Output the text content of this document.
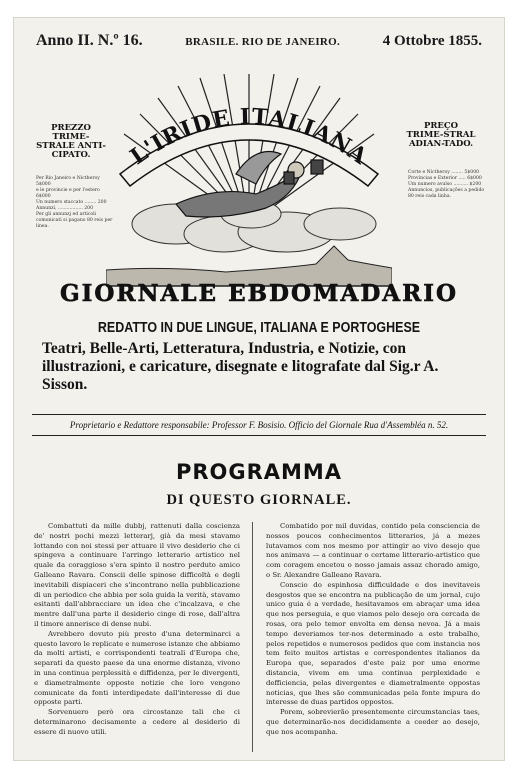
Anno II. N.º 16.	BRASILE. RIO DE JANEIRO.	4 Ottobre 1855.
PREZZO TRIME-STRALE ANTI-CIPATO.
PREÇO TRIME-STRAL ADIAN-TADO.
Per Rio Janeiro e Nictheroy 5$000
e le provincie e per l'estero 6$000
Un numero staccato ........ 200
Annunzi, ................. 200
Per gli annunzj ed articoli comunicati si pagano 80 reis per linea.
Corte e Nictheroy ........ 5$000
Provincias e Exterior ..... 6$000
Um numero avulso .......... $200
Annuncios, publicações a pedido 80 reis cada linha.
L'IRIDE ITALIANA
GIORNALE EBDOMADARIO
REDATTO IN DUE LINGUE, ITALIANA E PORTOGHESE
Teatri, Belle-Arti, Letteratura, Industria, e Notizie, con illustrazioni, e caricature, disegnate e litografate dal Sig.r A. Sisson.
Proprietario e Redattore responsabile: Professor F. Bosisio. Officio del Giornale Rua d'Assembléa n. 52.
PROGRAMMA
DI QUESTO GIORNALE.

Combattuti da mille dubbj, rattenuti dalla coscienza de' nostri pochi mezzi letterarj, già da mesi stavamo lottando con noi stessi per attuare il vivo desiderio che ci spingeva a continuare l'arringo letterario artistico nel quale da coraggioso s'era spinto il nostro perduto amico Galleano Ravara. Conscii delle spinose difficoltà e degli inevitabili dispiaceri che s'incontrano nella pubblicazione di un periodico che abbia per sola guida la verità, stavamo esitanti dall'abbracciare un idea che c'incalzava, e che mentre dall'una parte il desiderio cinge di rose, dall'altra il timore annerisce di dense nubi.

Avrebbero dovuto più presto d'una determinarci a questo lavoro le replicate e numerose istanze che abbiamo da molti artisti, e corrispondenti teatrali d'Europa che, separati da questo paese da una enorme distanza, vivono in una continua perplessità e diffidenza, per le divergenti, e diametralmente opposte notizie che loro vengono comunicate da fonti interdipedate dall'interesse di due opposte parti.

Sorvenuero però ora circostanze tali che ci determinarono decisamente a cedere al desiderio di essere di nuovo utili.

Combatido por mil duvidas, contido pela consciencia de nossos poucos conhecimentos litterarios, já a mezes lutavamos com nos mesmo por attingir ao vivo desejo que nos animava — a continuar o certame litterario-artistico que com coragem encetou o nosso jamais assaz chorado amigo, o Sr. Alexandre Galleano Ravara.

Conscio do espinhosa difficuldade e dos inevitaveis desgostos que se encontra na publicação de um jornal, cujo unico guia é a verdade, hesitavamos em abraçar uma idea que nos perseguia, e que viamos pelo desejo ora cercada de rosas, ora pelo temor envolta em densa nevoa. Já a mais tempo deveriamos ter-nos determinado a este trabalho, pelos repetidos e numerosos pedidos que com instancia nos tem feito muitos artistas e correspondentes italianos da Europa que, separados d'este paiz por uma enorme distancia, vivem em uma continua perplexidade e defficiencia, pelas divergentes e diametralmente oppostas noticias, que lhes são communicadas pela fonte impura do interesse de duas partidos oppostos.

Porem, sobrevierão presentemente circumstancias taes, que determinarão-nos decididamente a ceeder ao desejo, que nos acompanha.
